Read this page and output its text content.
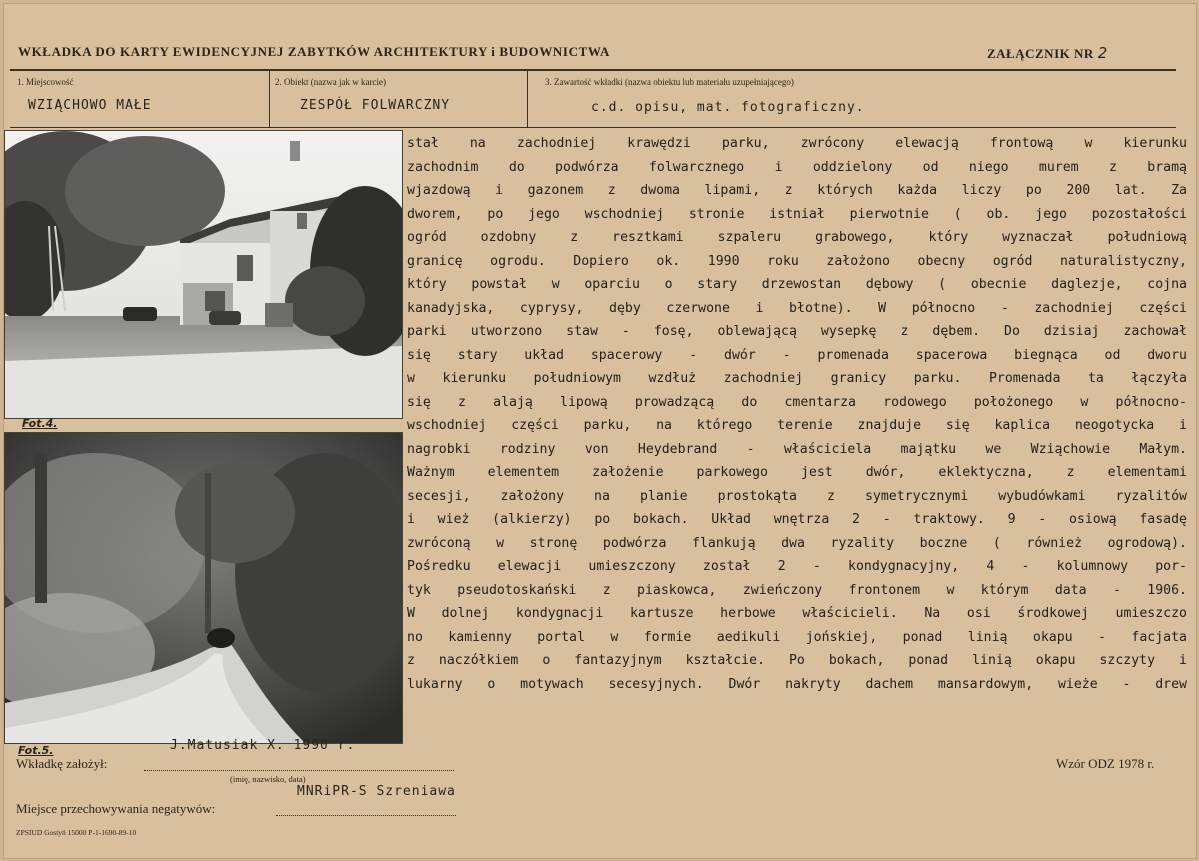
WKŁADKA DO KARTY EWIDENCYJNEJ ZABYTKÓW ARCHITEKTURY i BUDOWNICTWA	ZAŁĄCZNIK NR 2
1. Miejscowość
WZIĄCHOWO MAŁE
2. Obiekt (nazwa jak w karcie)
ZESPÓŁ FOLWARCZNY
3. Zawartość wkładki (nazwa obiektu lub materiału uzupełniającego)
c.d. opisu, mat. fotograficzny.
Fot.4.
Fot.5.
stał na zachodniej krawędzi parku, zwrócony elewacją frontową w kierunku
zachodnim do podwórza folwarcznego i oddzielony od niego murem z bramą
wjazdową i gazonem z dwoma lipami, z których każda liczy po 200 lat. Za
dworem, po jego wschodniej stronie istniał pierwotnie ( ob. jego pozostałości
ogród ozdobny z resztkami szpaleru grabowego, który wyznaczał południową
granicę ogrodu. Dopiero ok. 1990 roku założono obecny ogród naturalistyczny,
który powstał w oparciu o stary drzewostan dębowy ( obecnie daglezje, cojna
kanadyjska, cyprysy, dęby czerwone i błotne). W północno - zachodniej części
parki utworzono staw - fosę, oblewającą wysepkę z dębem. Do dzisiaj zachował
się stary układ spacerowy - dwór - promenada spacerowa biegnąca od dworu
w kierunku południowym wzdłuż zachodniej granicy parku. Promenada ta łączyła
się z alają lipową prowadzącą do cmentarza rodowego położonego w północno-
wschodniej części parku, na którego terenie znajduje się kaplica neogotycka i
nagrobki rodziny von Heydebrand - właściciela majątku we Wziąchowie Małym.
Ważnym elementem założenie parkowego jest dwór, eklektyczna, z elementami
secesji, założony na planie prostokąta z symetrycznymi wybudówkami ryzalitów
i wież (alkierzy) po bokach. Układ wnętrza 2 - traktowy. 9 - osiową fasadę
zwróconą w stronę podwórza flankują dwa ryzality boczne ( również ogrodową).
Pośredku elewacji umieszczony został 2 - kondygnacyjny, 4 - kolumnowy por-
tyk pseudotoskański z piaskowca, zwieńczony frontonem w którym data - 1906.
W dolnej kondygnacji kartusze herbowe właścicieli. Na osi środkowej umieszczo
no kamienny portal w formie aedikuli jońskiej, ponad linią okapu - facjata
z naczółkiem o fantazyjnym kształcie. Po bokach, ponad linią okapu szczyty i
lukarny o motywach secesyjnych. Dwór nakryty dachem mansardowym, wieże - drew
J.Matusiak X. 1990 r.
Wkładkę założył:
(imię, nazwisko, data)
Wzór ODZ 1978 r.
MNRiPR-S Szreniawa
Miejsce przechowywania negatywów:
ZPSIUD Gostyń 15000 P-1-1690-89-10
